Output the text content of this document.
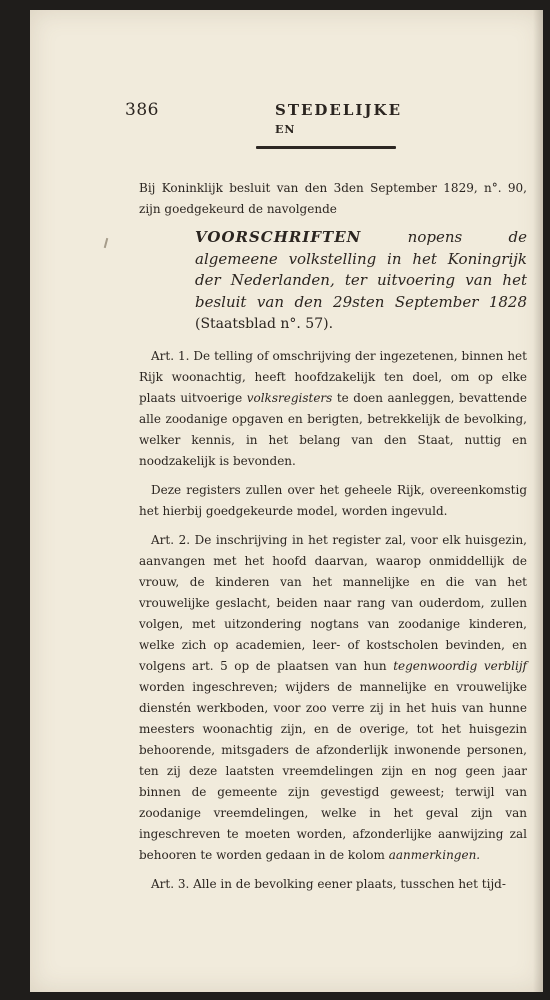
386	STEDELIJKE EN

Bij Koninklijk besluit van den 3den September 1829, n°. 90, zijn goedgekeurd de navolgende

VOORSCHRIFTEN	nopens de algemeene volkstelling in het Koningrijk der Nederlanden, ter uitvoering van het besluit van den 29sten September 1828 (Staatsblad n°. 57).

Art. 1. De telling of omschrijving der ingezetenen, binnen het Rijk woonachtig, heeft hoofdzakelijk ten doel, om op elke plaats uitvoerige volksregisters te doen aanleggen, bevattende alle zoodanige opgaven en berigten, betrekkelijk de bevolking, welker kennis, in het belang van den Staat, nuttig en noodzakelijk is bevonden.

Deze registers zullen over het geheele Rijk, overeenkomstig het hierbij goedgekeurde model, worden ingevuld.

Art. 2. De inschrijving in het register zal, voor elk huisgezin, aanvangen met het hoofd daarvan, waarop onmiddellijk de vrouw, de kinderen van het mannelijke en die van het vrouwelijke geslacht, beiden naar rang van ouderdom, zullen volgen, met uitzondering nogtans van zoodanige kinderen, welke zich op academien, leer- of kostscholen bevinden, en volgens art. 5 op de plaatsen van hun tegenwoordig verblijf worden ingeschreven; wijders de mannelijke en vrouwelijke dienstén werkboden, voor zoo verre zij in het huis van hunne meesters woonachtig zijn, en de overige, tot het huisgezin behoorende, mitsgaders de afzonderlijk inwonende personen, ten zij deze laatsten vreemdelingen zijn en nog geen jaar binnen de gemeente zijn gevestigd geweest; terwijl van zoodanige vreemdelingen, welke in het geval zijn van ingeschreven te moeten worden, afzonderlijke aanwijzing zal behooren te worden gedaan in de kolom aanmerkingen.

Art. 3. Alle in de bevolking eener plaats, tusschen het tijd-
